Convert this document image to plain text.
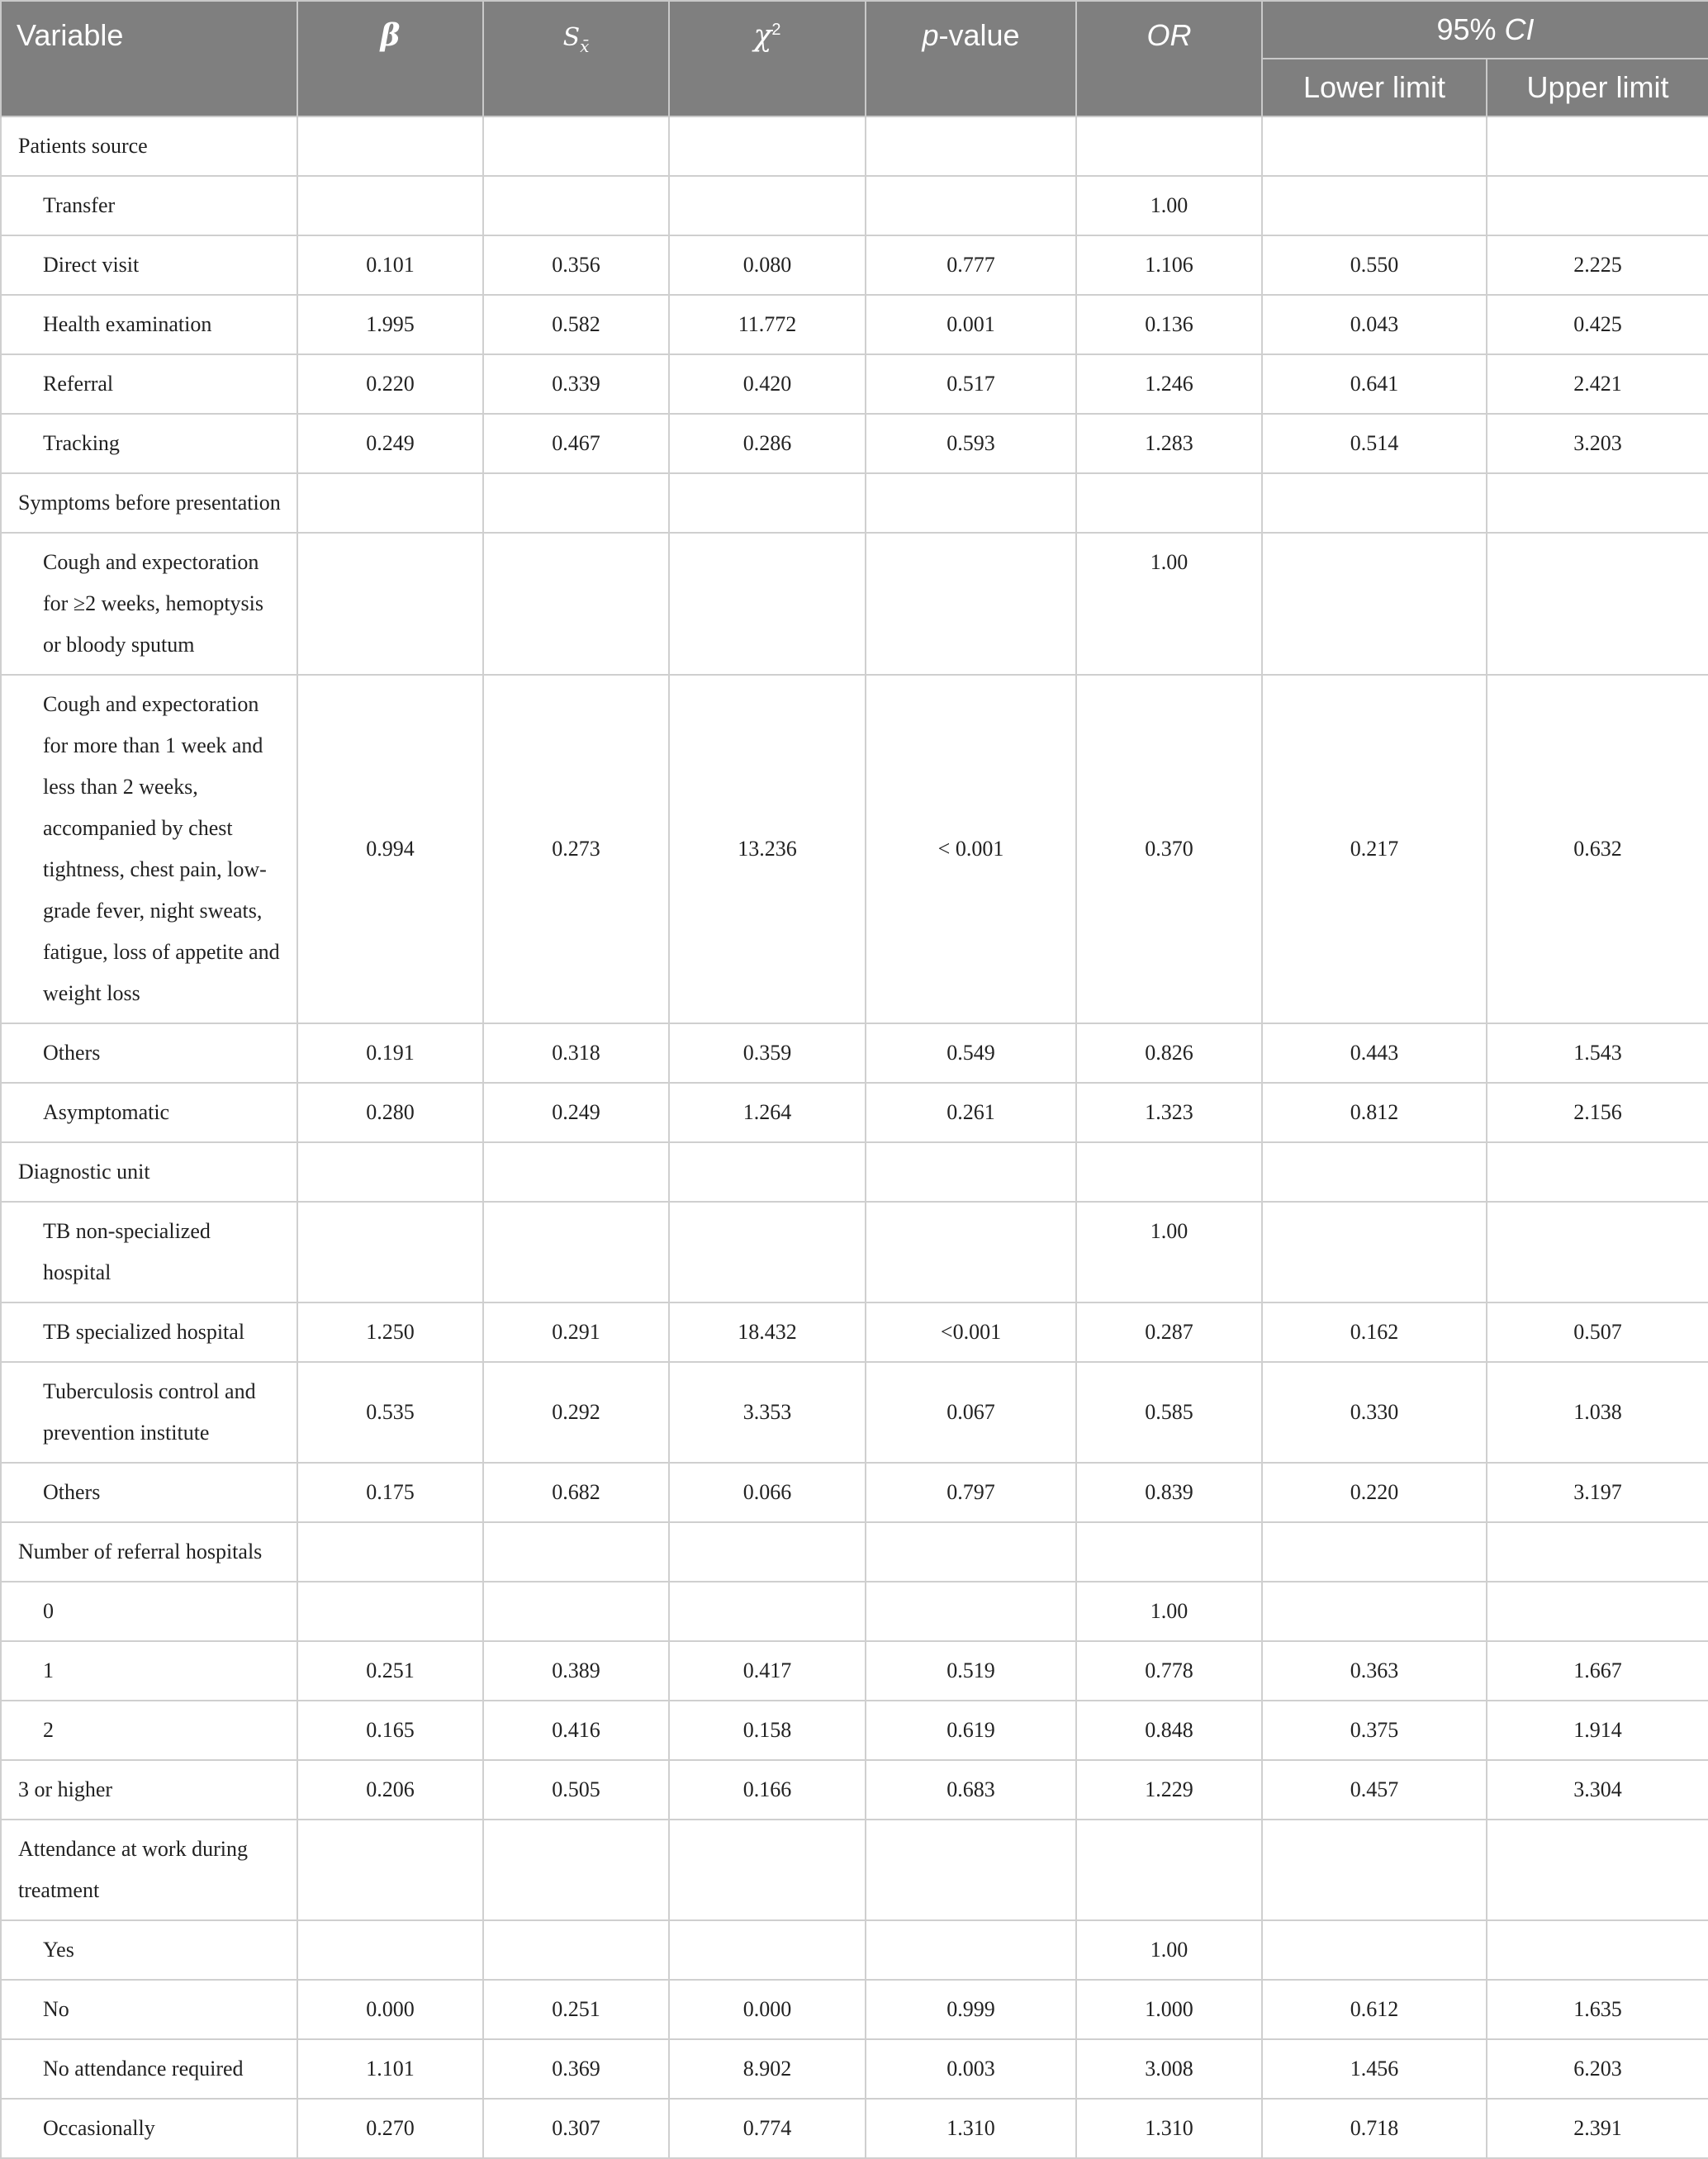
Variable	β	$S_{x̄}$	$\chi^2$	p-value	OR	95% CI	
						Lower limit	Upper limit
Patients source							
Transfer					1.00		
Direct visit	0.101	0.356	0.080	0.777	1.106	0.550	2.225
Health examination	1.995	0.582	11.772	0.001	0.136	0.043	0.425
Referral	0.220	0.339	0.420	0.517	1.246	0.641	2.421
Tracking	0.249	0.467	0.286	0.593	1.283	0.514	3.203
Symptoms before presentation							
Cough and expectoration for ≥2 weeks, hemoptysis or bloody sputum					1.00		
Cough and expectoration for more than 1 week and less than 2 weeks, accompanied by chest tightness, chest pain, low-grade fever, night sweats, fatigue, loss of appetite and weight loss	0.994	0.273	13.236	< 0.001	0.370	0.217	0.632
Others	0.191	0.318	0.359	0.549	0.826	0.443	1.543
Asymptomatic	0.280	0.249	1.264	0.261	1.323	0.812	2.156
Diagnostic unit							
TB non-specialized hospital					1.00		
TB specialized hospital	1.250	0.291	18.432	<0.001	0.287	0.162	0.507
Tuberculosis control and prevention institute	0.535	0.292	3.353	0.067	0.585	0.330	1.038
Others	0.175	0.682	0.066	0.797	0.839	0.220	3.197
Number of referral hospitals							
0					1.00		
1	0.251	0.389	0.417	0.519	0.778	0.363	1.667
2	0.165	0.416	0.158	0.619	0.848	0.375	1.914
3 or higher	0.206	0.505	0.166	0.683	1.229	0.457	3.304
Attendance at work during treatment							
Yes					1.00		
No	0.000	0.251	0.000	0.999	1.000	0.612	1.635
No attendance required	1.101	0.369	8.902	0.003	3.008	1.456	6.203
Occasionally	0.270	0.307	0.774	1.310	1.310	0.718	2.391
